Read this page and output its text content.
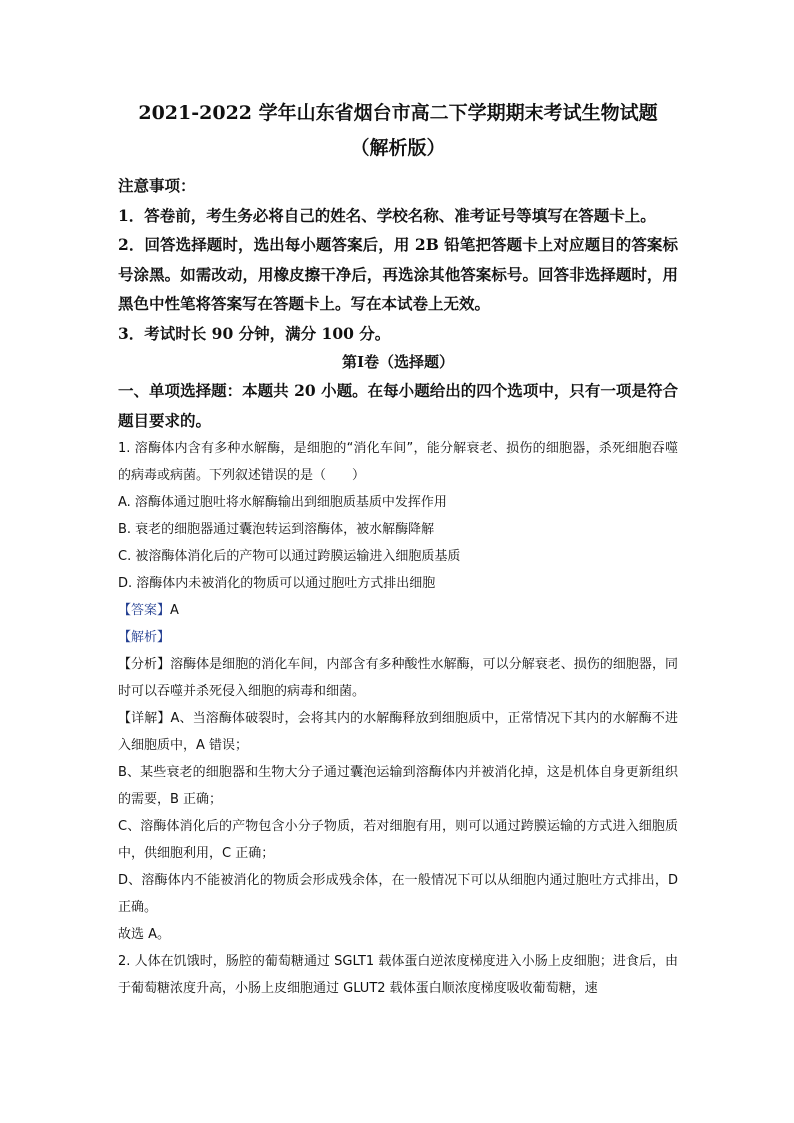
2021-2022 学年山东省烟台市高二下学期期末考试生物试题

（解析版）

注意事项：

1．答卷前，考生务必将自己的姓名、学校名称、准考证号等填写在答题卡上。

2．回答选择题时，选出每小题答案后，用 2B 铅笔把答题卡上对应题目的答案标号涂黑。如需改动，用橡皮擦干净后，再选涂其他答案标号。回答非选择题时，用黑色中性笔将答案写在答题卡上。写在本试卷上无效。

3．考试时长 90 分钟，满分 100 分。

第Ⅰ卷（选择题）

一、单项选择题：本题共 20 小题。在每小题给出的四个选项中，只有一项是符合题目要求的。

1. 溶酶体内含有多种水解酶，是细胞的“消化车间”，能分解衰老、损伤的细胞器，杀死细胞吞噬的病毒或病菌。下列叙述错误的是（　　）

A. 溶酶体通过胞吐将水解酶输出到细胞质基质中发挥作用

B. 衰老的细胞器通过囊泡转运到溶酶体，被水解酶降解

C. 被溶酶体消化后的产物可以通过跨膜运输进入细胞质基质

D. 溶酶体内未被消化的物质可以通过胞吐方式排出细胞

【答案】A

【解析】

【分析】溶酶体是细胞的消化车间，内部含有多种酸性水解酶，可以分解衰老、损伤的细胞器，同时可以吞噬并杀死侵入细胞的病毒和细菌。

【详解】A、当溶酶体破裂时，会将其内的水解酶释放到细胞质中，正常情况下其内的水解酶不进入细胞质中，A 错误；

B、某些衰老的细胞器和生物大分子通过囊泡运输到溶酶体内并被消化掉，这是机体自身更新组织的需要，B 正确；

C、溶酶体消化后的产物包含小分子物质，若对细胞有用，则可以通过跨膜运输的方式进入细胞质中，供细胞利用，C 正确；

D、溶酶体内不能被消化的物质会形成残余体，在一般情况下可以从细胞内通过胞吐方式排出，D 正确。

故选 A。

2. 人体在饥饿时，肠腔的葡萄糖通过 SGLT1 载体蛋白逆浓度梯度进入小肠上皮细胞；进食后，由于葡萄糖浓度升高，小肠上皮细胞通过 GLUT2 载体蛋白顺浓度梯度吸收葡萄糖，速
